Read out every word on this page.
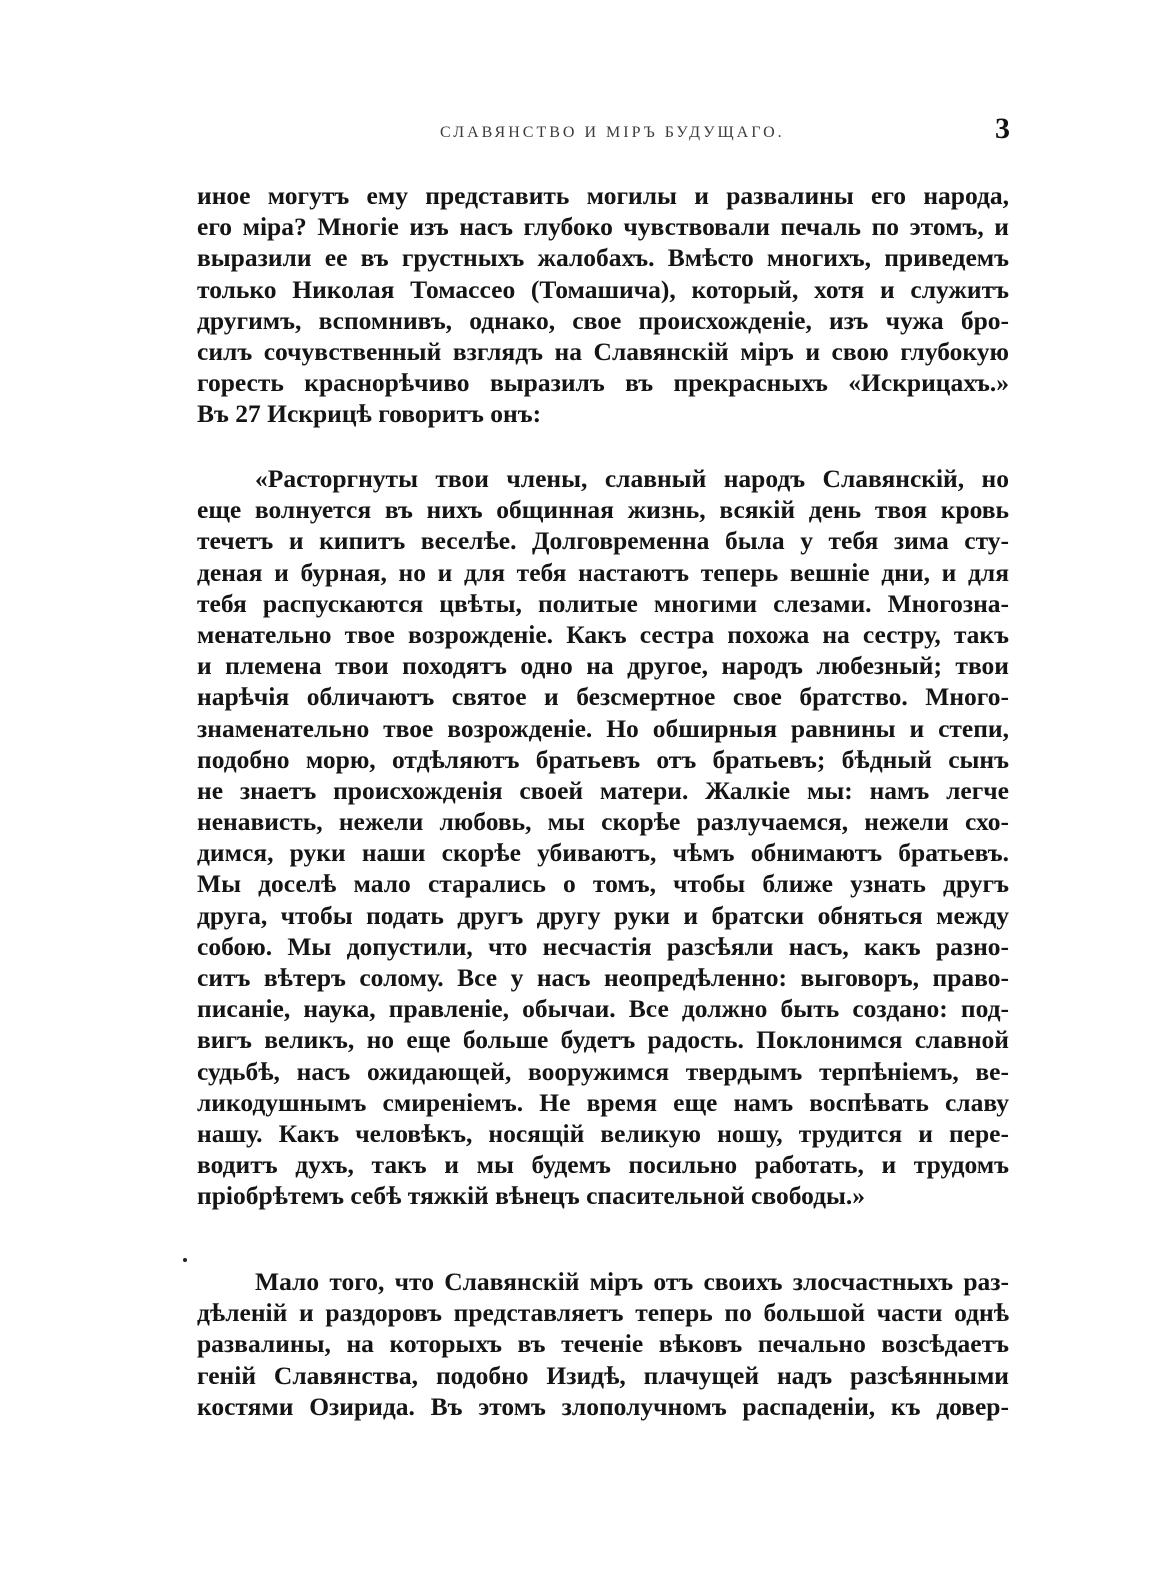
СЛАВЯНСТВО И МІРЪ БУДУЩАГО.	3
иное могутъ ему представить могилы и развалины его народа,
его міра? Многіе изъ насъ глубоко чувствовали печаль по этомъ, и
выразили ее въ грустныхъ жалобахъ. Вмѣсто многихъ, приведемъ
только Николая Томассео (Томашича), который, хотя и служитъ
другимъ, вспомнивъ, однако, свое происхожденіе, изъ чужа бро-
силъ сочувственный взглядъ на Славянскій міръ и свою глубокую
горесть краснорѣчиво выразилъ въ прекрасныхъ «Искрицахъ.»
Въ 27 Искрицѣ говоритъ онъ:
«Расторгнуты твои члены, славный народъ Славянскій, но
еще волнуется въ нихъ общинная жизнь, всякій день твоя кровь
течетъ и кипитъ веселѣе. Долговременна была у тебя зима сту-
деная и бурная, но и для тебя настаютъ теперь вешніе дни, и для
тебя распускаются цвѣты, политые многими слезами. Многозна-
менательно твое возрожденіе. Какъ сестра похожа на сестру, такъ
и племена твои походятъ одно на другое, народъ любезный; твои
нарѣчія обличаютъ святое и безсмертное свое братство. Много-
знаменательно твое возрожденіе. Но обширныя равнины и степи,
подобно морю, отдѣляютъ братьевъ отъ братьевъ; бѣдный сынъ
не знаетъ происхожденія своей матери. Жалкіе мы: намъ легче
ненависть, нежели любовь, мы скорѣе разлучаемся, нежели схо-
димся, руки наши скорѣе убиваютъ, чѣмъ обнимаютъ братьевъ.
Мы доселѣ мало старались о томъ, чтобы ближе узнать другъ
друга, чтобы подать другъ другу руки и братски обняться между
собою. Мы допустили, что несчастія разсѣяли насъ, какъ разно-
ситъ вѣтеръ солому. Все у насъ неопредѣленно: выговоръ, право-
писаніе, наука, правленіе, обычаи. Все должно быть создано: под-
вигъ великъ, но еще больше будетъ радость. Поклонимся славной
судьбѣ, насъ ожидающей, вооружимся твердымъ терпѣніемъ, ве-
ликодушнымъ смиреніемъ. Не время еще намъ воспѣвать славу
нашу. Какъ человѣкъ, носящій великую ношу, трудится и пере-
водитъ духъ, такъ и мы будемъ посильно работать, и трудомъ
пріобрѣтемъ себѣ тяжкій вѣнецъ спасительной свободы.»
Мало того, что Славянскій міръ отъ своихъ злосчастныхъ раз-
дѣленій и раздоровъ представляетъ теперь по большой части однѣ
развалины, на которыхъ въ теченіе вѣковъ печально возсѣдаетъ
геній Славянства, подобно Изидѣ, плачущей надъ разсѣянными
костями Озирида. Въ этомъ злополучномъ распаденіи, къ довер-
